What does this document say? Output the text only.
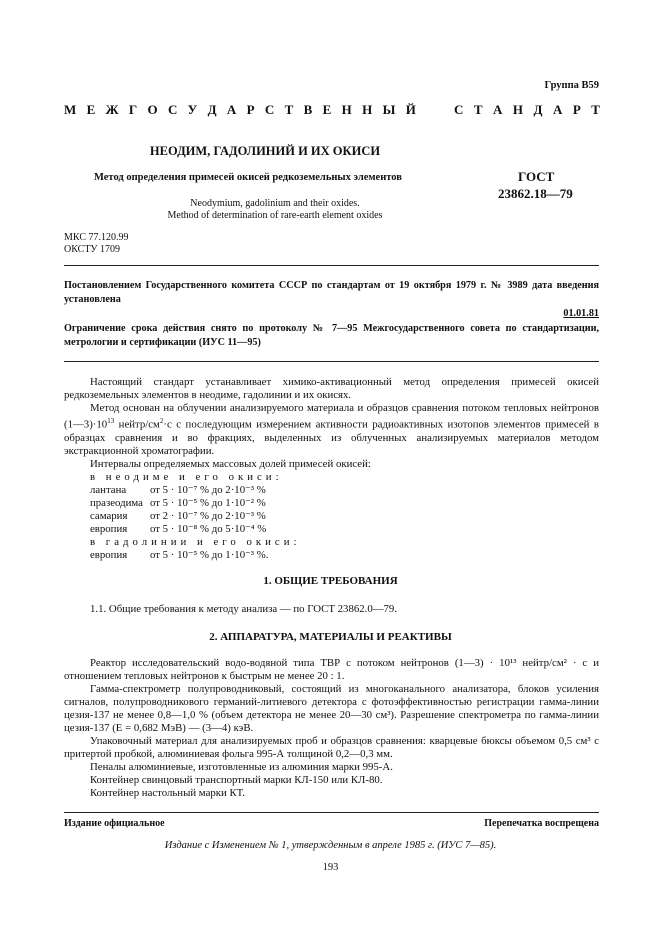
Группа В59
М Е Ж Г О С У Д А Р С Т В Е Н Н Ы Й	С Т А Н Д А Р Т
НЕОДИМ, ГАДОЛИНИЙ И ИХ ОКИСИ
Метод определения примесей окисей редкоземельных элементов	ГОСТ
23862.18—79
Neodymium, gadolinium and their oxides.
Method of determination of rare-earth element oxides
МКС 77.120.99
ОКСТУ 1709
Постановлением Государственного комитета СССР по стандартам от 19 октября 1979 г. № 3989 дата введения установлена
01.01.81
Ограничение срока действия снято по протоколу № 7—95 Межгосударственного совета по стандартизации, метрологии и сертификации (ИУС 11—95)

Настоящий стандарт устанавливает химико-активационный метод определения примесей окисей редкоземельных элементов в неодиме, гадолинии и их окисях.

Метод основан на облучении анализируемого материала и образцов сравнения потоком тепловых нейтронов $(1—3)\cdot 10^{13}$ нейтр/$см^2\cdot с$ с последующим измерением активности радиоактивных изотопов элементов примесей в образцах сравнения и во фракциях, выделенных из облученных анализируемых материалов методом экстракционной хроматографии.

Интервалы определяемых массовых долей примесей окисей:

в неодиме и его окиси:
лантана	от 5 · 10⁻⁷ % до 2·10⁻³ %
празеодима от 5 · 10⁻⁵ % до 1·10⁻² %
самария	от 2 · 10⁻⁷ % до 2·10⁻³ %
европия	от 5 · 10⁻⁸ % до 5·10⁻⁴ %
в гадолинии и его окиси:
европия	от 5 · 10⁻⁵ % до 1·10⁻³ %.
1. ОБЩИЕ ТРЕБОВАНИЯ

1.1. Общие требования к методу анализа — по ГОСТ 23862.0—79.

2. АППАРАТУРА, МАТЕРИАЛЫ И РЕАКТИВЫ

Реактор исследовательский водо-водяной типа ТВР с потоком нейтронов (1—3) · 10¹³ нейтр/см² · с и отношением тепловых нейтронов к быстрым не менее 20 : 1.

Гамма-спектрометр полупроводниковый, состоящий из многоканального анализатора, блоков усиления сигналов, полупроводникового германий-литиевого детектора с фотоэффективностью регистрации гамма-линии цезия-137 не менее 0,8—1,0 % (объем детектора не менее 20—30 см³). Разрешение спектрометра по гамма-линии цезия-137 (E = 0,682 МэВ) — (3—4) кэВ.

Упаковочный материал для анализируемых проб и образцов сравнения: кварцевые бюксы объемом 0,5 см³ с притертой пробкой, алюминиевая фольга 995-А толщиной 0,2—0,3 мм.

Пеналы алюминиевые, изготовленные из алюминия марки 995-А.

Контейнер свинцовый транспортный марки КЛ-150 или КЛ-80.

Контейнер настольный марки КТ.

Издание официальное	Перепечатка воспрещена
Издание с Изменением № 1, утвержденным в апреле 1985 г. (ИУС 7—85).
193
